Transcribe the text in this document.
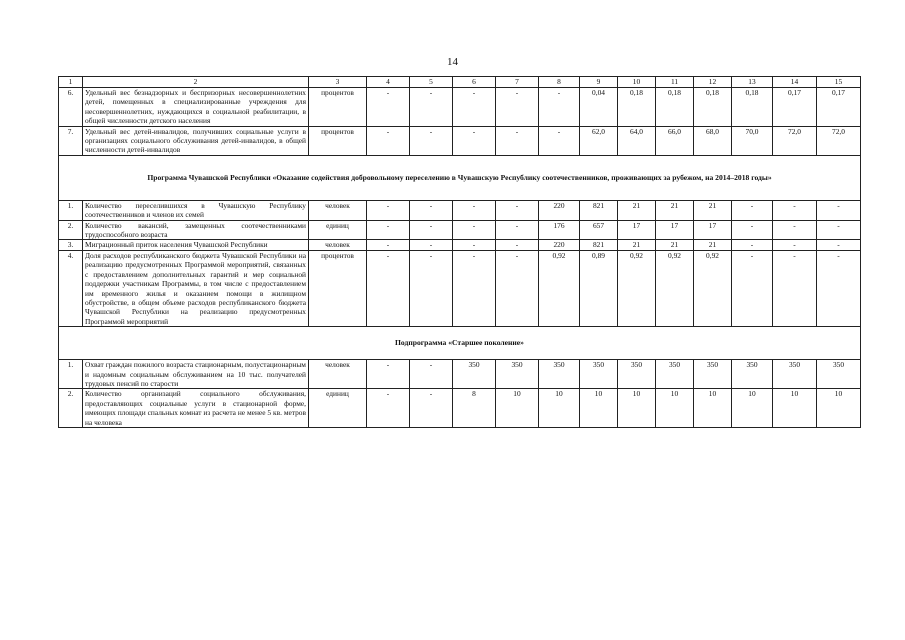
14
1	2	3	4	5	6	7	8	9	10	11	12	13	14	15
6.	Удельный вес безнадзорных и беспризорных несовершеннолетних детей, помещенных в специализированные учреждения для несовершеннолетних, нуждающихся в социальной реабилитации, в общей численности детского населения	процентов	-	-	-	-	-	0,04	0,18	0,18	0,18	0,18	0,17	0,17
7.	Удельный вес детей-инвалидов, получивших социальные услуги в организациях социального обслуживания детей-инвалидов, в общей численности детей-инвалидов	процентов	-	-	-	-	-	62,0	64,0	66,0	68,0	70,0	72,0	72,0
Программа Чувашской Республики «Оказание содействия добровольному переселению в Чувашскую Республику соотечественников, проживающих за рубежом, на 2014–2018 годы»														
1.	Количество переселившихся в Чувашскую Республику соотечественников и членов их семей	человек	-	-	-	-	220	821	21	21	21	-	-	-
2.	Количество вакансий, замещенных соотечественниками трудоспособного возраста	единиц	-	-	-	-	176	657	17	17	17	-	-	-
3.	Миграционный приток населения Чувашской Республики	человек	-	-	-	-	220	821	21	21	21	-	-	-
4.	Доля расходов республиканского бюджета Чувашской Республики на реализацию предусмотренных Программой мероприятий, связанных с предоставлением дополнительных гарантий и мер социальной поддержки участникам Программы, в том числе с предоставлением им временного жилья и оказанием помощи в жилищном обустройстве, в общем объеме расходов республиканского бюджета Чувашской Республики на реализацию предусмотренных Программой мероприятий	процентов	-	-	-	-	0,92	0,89	0,92	0,92	0,92	-	-	-
Подпрограмма «Старшее поколение»														
1.	Охват граждан пожилого возраста стационарным, полустационарным и надомным социальным обслуживанием на 10 тыс. получателей трудовых пенсий по старости	человек	-	-	350	350	350	350	350	350	350	350	350	350
2.	Количество организаций социального обслуживания, предоставляющих социальные услуги в стационарной форме, имеющих площади спальных комнат из расчета не менее 5 кв. метров на человека	единиц	-	-	8	10	10	10	10	10	10	10	10	10
